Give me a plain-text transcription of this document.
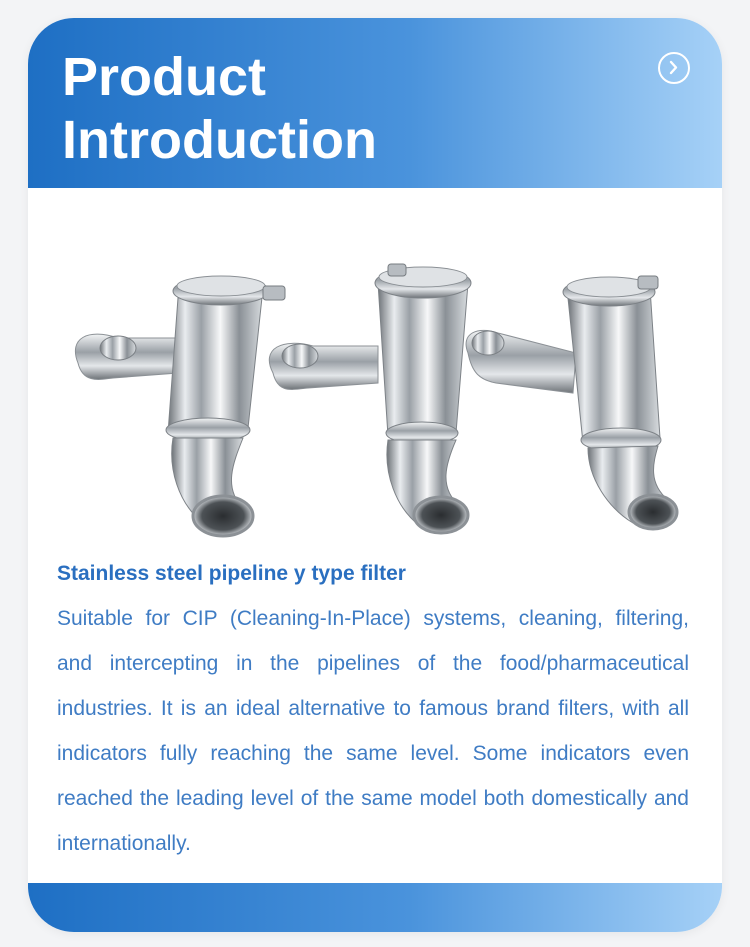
Product
Introduction
Stainless steel pipeline y type filter

Suitable for CIP (Cleaning-In-Place) systems, cleaning, filtering, and intercepting in the pipelines of the food/pharmaceutical industries. It is an ideal alternative to famous brand filters, with all indicators fully reaching the same level. Some indicators even reached the leading level of the same model both domestically and internationally.
